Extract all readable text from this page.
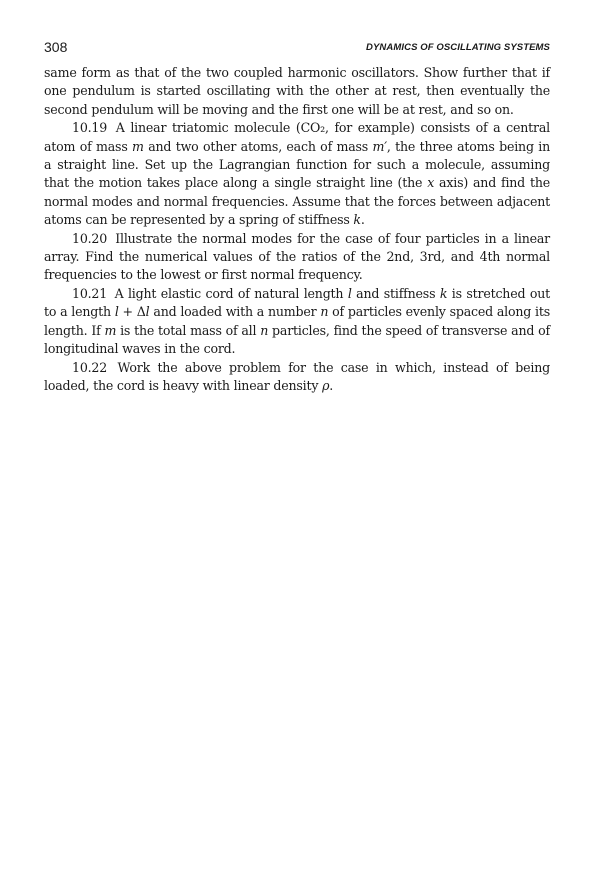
308	DYNAMICS OF OSCILLATING SYSTEMS

same form as that of the two coupled harmonic oscillators. Show further that if one pendulum is started oscillating with the other at rest, then eventually the second pendulum will be moving and the first one will be at rest, and so on.

10.19 A linear triatomic molecule (CO₂, for example) consists of a central atom of mass m and two other atoms, each of mass m′, the three atoms being in a straight line. Set up the Lagrangian function for such a molecule, assuming that the motion takes place along a single straight line (the x axis) and find the normal modes and normal frequencies. Assume that the forces between adjacent atoms can be represented by a spring of stiffness k.

10.20 Illustrate the normal modes for the case of four particles in a linear array. Find the numerical values of the ratios of the 2nd, 3rd, and 4th normal frequencies to the lowest or first normal frequency.

10.21 A light elastic cord of natural length l and stiffness k is stretched out to a length l + Δl and loaded with a number n of particles evenly spaced along its length. If m is the total mass of all n particles, find the speed of transverse and of longitudinal waves in the cord.

10.22 Work the above problem for the case in which, instead of being loaded, the cord is heavy with linear density ρ.
